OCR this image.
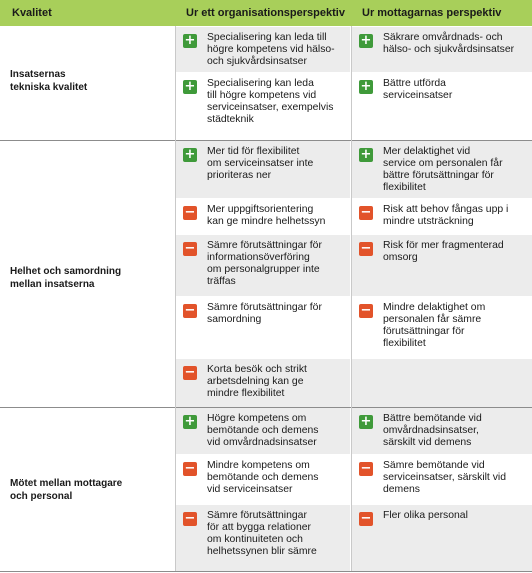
Kvalitet	Ur ett organisationsperspektiv Ur mottagarnas perspektiv
Insatsernas
tekniska kvalitet
+ Specialisering kan leda till
högre kompetens vid hälso-
och sjukvårdsinsatser
+ Säkrare omvårdnads- och
hälso- och sjukvårdsinsatser
+ Specialisering kan leda
till högre kompetens vid
serviceinsatser, exempelvis
städteknik
+ Bättre utförda
serviceinsatser
Helhet och samordning
mellan insatserna
+ Mer tid för flexibilitet
om serviceinsatser inte
prioriteras ner
+ Mer delaktighet vid
service om personalen får
bättre förutsättningar för
flexibilitet
− Mer uppgiftsorientering
kan ge mindre helhetssyn
− Risk att behov fångas upp i
mindre utsträckning
− Sämre förutsättningar för
informationsöverföring
om personalgrupper inte
träffas
− Risk för mer fragmenterad
omsorg
− Sämre förutsättningar för
samordning
− Mindre delaktighet om
personalen får sämre
förutsättningar för
flexibilitet
− Korta besök och strikt
arbetsdelning kan ge
mindre flexibilitet
Mötet mellan mottagare
och personal
+ Högre kompetens om
bemötande och demens
vid omvårdnadsinsatser
+ Bättre bemötande vid
omvårdnadsinsatser,
särskilt vid demens
− Mindre kompetens om
bemötande och demens
vid serviceinsatser
− Sämre bemötande vid
serviceinsatser, särskilt vid
demens
− Sämre förutsättningar
för att bygga relationer
om kontinuiteten och
helhetssynen blir sämre
− Fler olika personal
